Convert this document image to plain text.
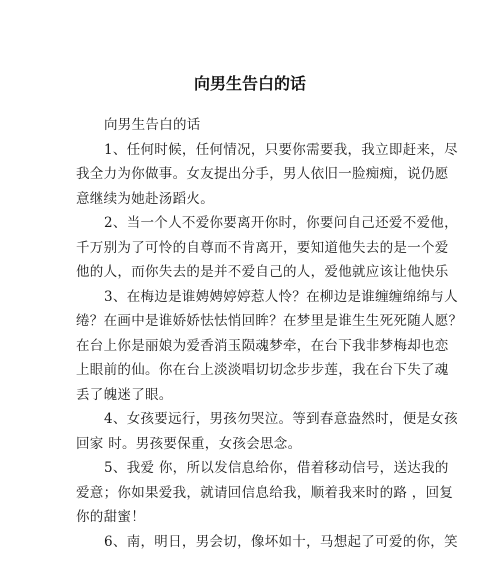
向男生告白的话

向男生告白的话

1、任何时候，任何情况，只要你需要我，我立即赶来，尽
我全力为你做事。女友提出分手，男人依旧一脸痴痴，说仍愿
意继续为她赴汤蹈火。

2、当一个人不爱你要离开你时，你要问自己还爱不爱他，
千万别为了可怜的自尊而不肯离开，要知道他失去的是一个爱
他的人，而你失去的是并不爱自己的人，爱他就应该让他快乐

3、在梅边是谁娉娉婷婷惹人怜？在柳边是谁缠缠绵绵与人
绻？在画中是谁娇娇怯怯悄回眸？在梦里是谁生生死死随人愿？
在台上你是丽娘为爱香消玉陨魂梦牵，在台下我非梦梅却也恋
上眼前的仙。你在台上淡淡唱切切念步步莲，我在台下失了魂
丢了魄迷了眼。

4、女孩要远行，男孩勿哭泣。等到春意盎然时，便是女孩
回家 时。男孩要保重，女孩会思念。

5、我爱 你，所以发信息给你，借着移动信号，送达我的
爱意；你如果爱我，就请回信息给我，顺着我来时的路 ，回复
你的甜蜜！

6、南，明日，男会切，像坏如十，马想起了可爱的你，笑
